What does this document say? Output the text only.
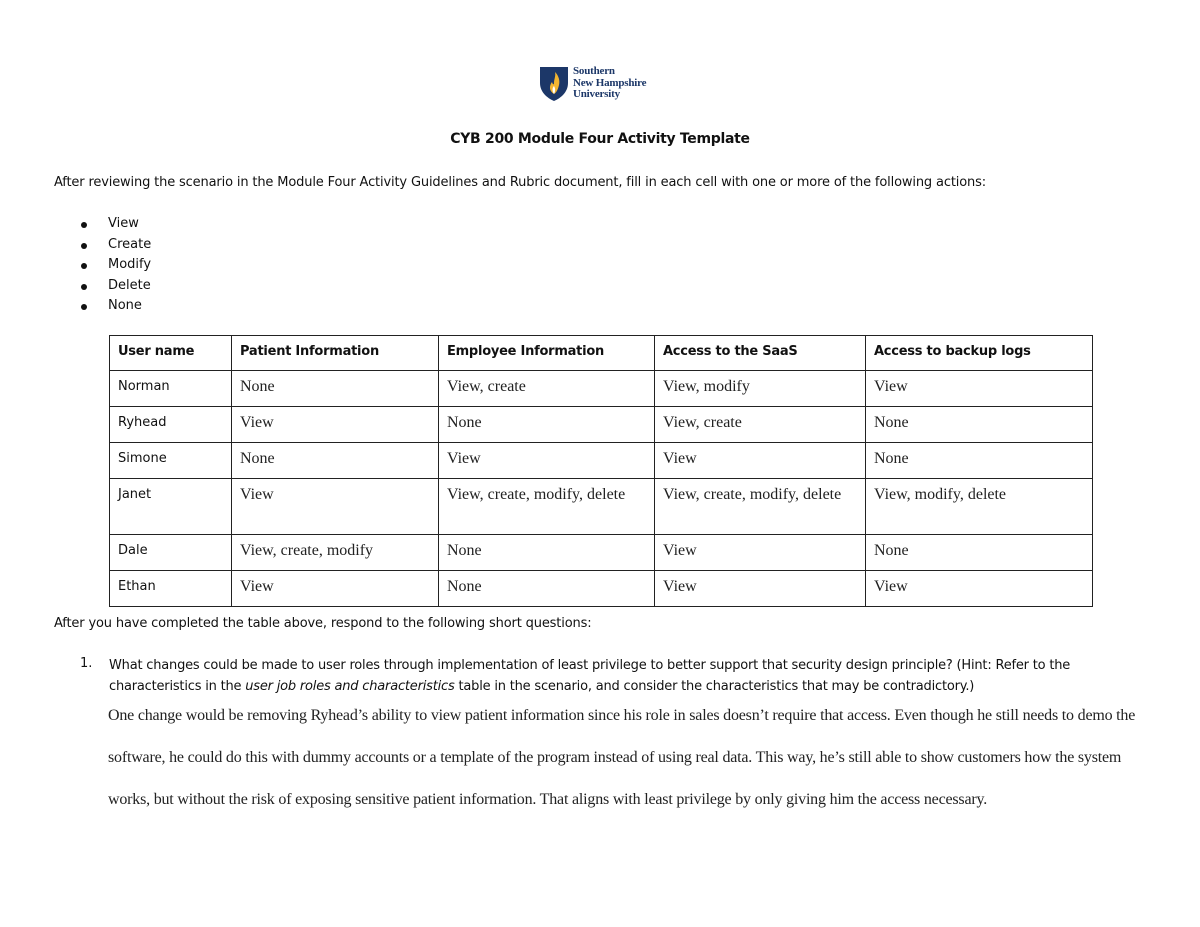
Southern
New Hampshire
University
CYB 200 Module Four Activity Template
After reviewing the scenario in the Module Four Activity Guidelines and Rubric document, fill in each cell with one or more of the following actions:
View
Create
Modify
Delete
None
User name	Patient Information	Employee Information	Access to the SaaS	Access to backup logs
Norman	None	View, create	View, modify	View
Ryhead	View	None	View, create	None
Simone	None	View	View	None
Janet	View	View, create, modify, delete	View, create, modify, delete	View, modify, delete
Dale	View, create, modify	None	View	None
Ethan	View	None	View	View
After you have completed the table above, respond to the following short questions:
1. What changes could be made to user roles through implementation of least privilege to better support that security design principle? (Hint: Refer to the characteristics in the user job roles and characteristics table in the scenario, and consider the characteristics that may be contradictory.)

One change would be removing Ryhead’s ability to view patient information since his role in sales doesn’t require that access. Even though he still needs to demo the software, he could do this with dummy accounts or a template of the program instead of using real data. This way, he’s still able to show customers how the system works, but without the risk of exposing sensitive patient information. That aligns with least privilege by only giving him the access necessary.
